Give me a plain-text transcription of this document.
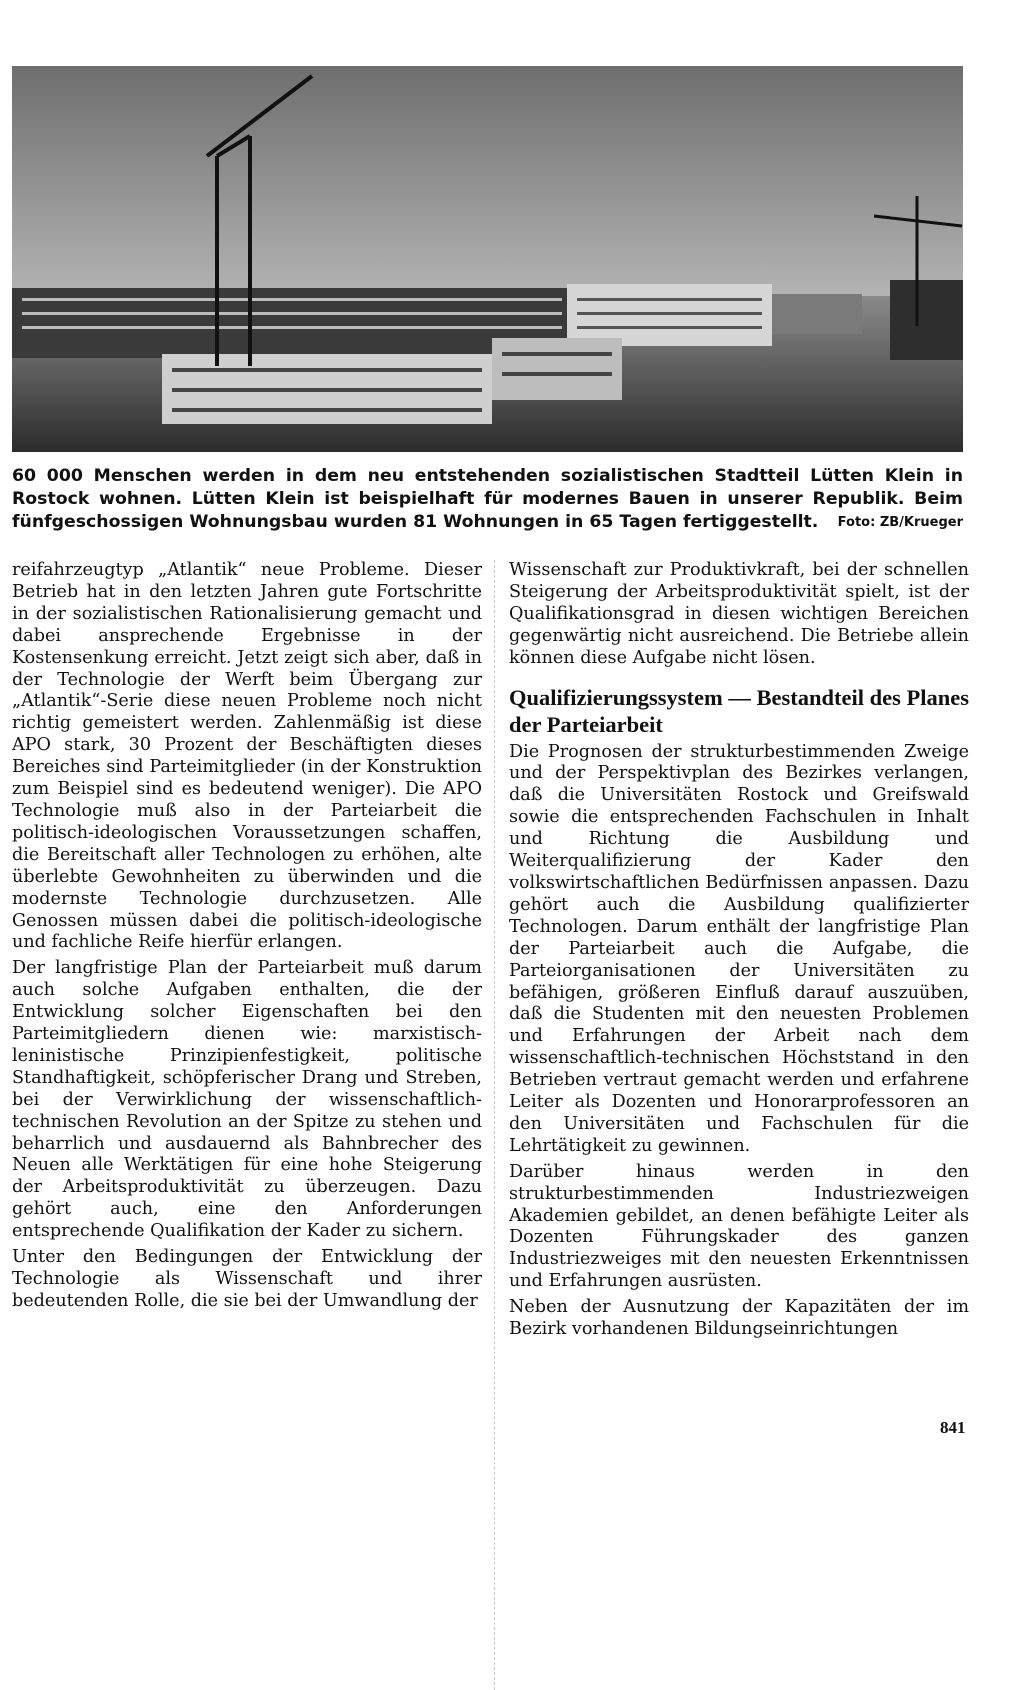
60 000 Menschen werden in dem neu entstehenden sozialistischen Stadtteil Lütten Klein in Rostock wohnen. Lütten Klein ist beispielhaft für modernes Bauen in unserer Republik. Beim fünfgeschossigen Wohnungsbau wurden 81 Wohnungen in 65 Tagen fertiggestellt.	Foto: ZB/Krueger

reifahrzeugtyp „Atlantik“ neue Probleme. Dieser Betrieb hat in den letzten Jahren gute Fortschritte in der sozialistischen Rationalisierung gemacht und dabei ansprechende Ergebnisse in der Kostensenkung erreicht. Jetzt zeigt sich aber, daß in der Technologie der Werft beim Übergang zur „Atlantik“-Serie diese neuen Probleme noch nicht richtig gemeistert werden. Zahlenmäßig ist diese APO stark, 30 Prozent der Beschäftigten dieses Bereiches sind Parteimitglieder (in der Konstruktion zum Beispiel sind es bedeutend weniger). Die APO Technologie muß also in der Parteiarbeit die politisch-ideologischen Voraussetzungen schaffen, die Bereitschaft aller Technologen zu erhöhen, alte überlebte Gewohnheiten zu überwinden und die modernste Technologie durchzusetzen. Alle Genossen müssen dabei die politisch-ideologische und fachliche Reife hierfür erlangen.

Der langfristige Plan der Parteiarbeit muß darum auch solche Aufgaben enthalten, die der Entwicklung solcher Eigenschaften bei den Parteimitgliedern dienen wie: marxistisch-leninistische Prinzipienfestigkeit, politische Standhaftigkeit, schöpferischer Drang und Streben, bei der Verwirklichung der wissenschaftlich-technischen Revolution an der Spitze zu stehen und beharrlich und ausdauernd als Bahnbrecher des Neuen alle Werktätigen für eine hohe Steigerung der Arbeitsproduktivität zu überzeugen. Dazu gehört auch, eine den Anforderungen entsprechende Qualifikation der Kader zu sichern.

Unter den Bedingungen der Entwicklung der Technologie als Wissenschaft und ihrer bedeutenden Rolle, die sie bei der Umwandlung der

Wissenschaft zur Produktivkraft, bei der schnellen Steigerung der Arbeitsproduktivität spielt, ist der Qualifikationsgrad in diesen wichtigen Bereichen gegenwärtig nicht ausreichend. Die Betriebe allein können diese Aufgabe nicht lösen.

Qualifizierungssystem — Bestandteil des Planes der Parteiarbeit

Die Prognosen der strukturbestimmenden Zweige und der Perspektivplan des Bezirkes verlangen, daß die Universitäten Rostock und Greifswald sowie die entsprechenden Fachschulen in Inhalt und Richtung die Ausbildung und Weiterqualifizierung der Kader den volkswirtschaftlichen Bedürfnissen anpassen. Dazu gehört auch die Ausbildung qualifizierter Technologen. Darum enthält der langfristige Plan der Parteiarbeit auch die Aufgabe, die Parteiorganisationen der Universitäten zu befähigen, größeren Einfluß darauf auszuüben, daß die Studenten mit den neuesten Problemen und Erfahrungen der Arbeit nach dem wissenschaftlich-technischen Höchststand in den Betrieben vertraut gemacht werden und erfahrene Leiter als Dozenten und Honorarprofessoren an den Universitäten und Fachschulen für die Lehrtätigkeit zu gewinnen.

Darüber hinaus werden in den strukturbestimmenden Industriezweigen Akademien gebildet, an denen befähigte Leiter als Dozenten Führungskader des ganzen Industriezweiges mit den neuesten Erkenntnissen und Erfahrungen ausrüsten.

Neben der Ausnutzung der Kapazitäten der im Bezirk vorhandenen Bildungseinrichtungen

841
